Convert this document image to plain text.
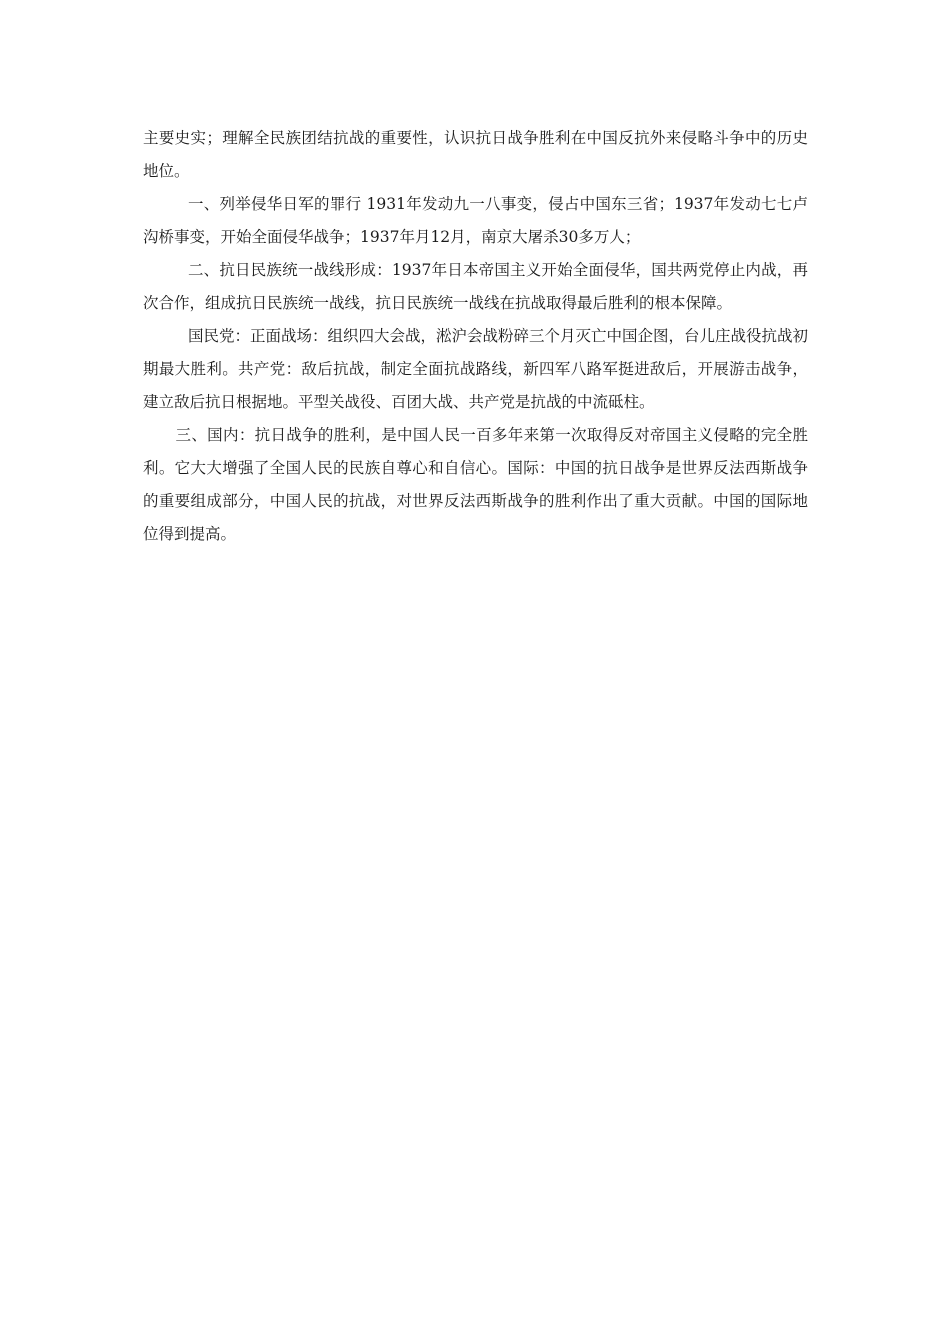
主要史实；理解全民族团结抗战的重要性，认识抗日战争胜利在中国反抗外来侵略斗争中的历史地位。

一、列举侵华日军的罪行 1931年发动九一八事变，侵占中国东三省；1937年发动七七卢沟桥事变，开始全面侵华战争；1937年月12月，南京大屠杀30多万人；

二、抗日民族统一战线形成：1937年日本帝国主义开始全面侵华，国共两党停止内战，再次合作，组成抗日民族统一战线，抗日民族统一战线在抗战取得最后胜利的根本保障。

国民党：正面战场：组织四大会战，淞沪会战粉碎三个月灭亡中国企图，台儿庄战役抗战初期最大胜利。共产党：敌后抗战，制定全面抗战路线，新四军八路军挺进敌后，开展游击战争，建立敌后抗日根据地。平型关战役、百团大战、共产党是抗战的中流砥柱。

三、国内：抗日战争的胜利，是中国人民一百多年来第一次取得反对帝国主义侵略的完全胜利。它大大增强了全国人民的民族自尊心和自信心。国际：中国的抗日战争是世界反法西斯战争的重要组成部分，中国人民的抗战，对世界反法西斯战争的胜利作出了重大贡献。中国的国际地位得到提高。
